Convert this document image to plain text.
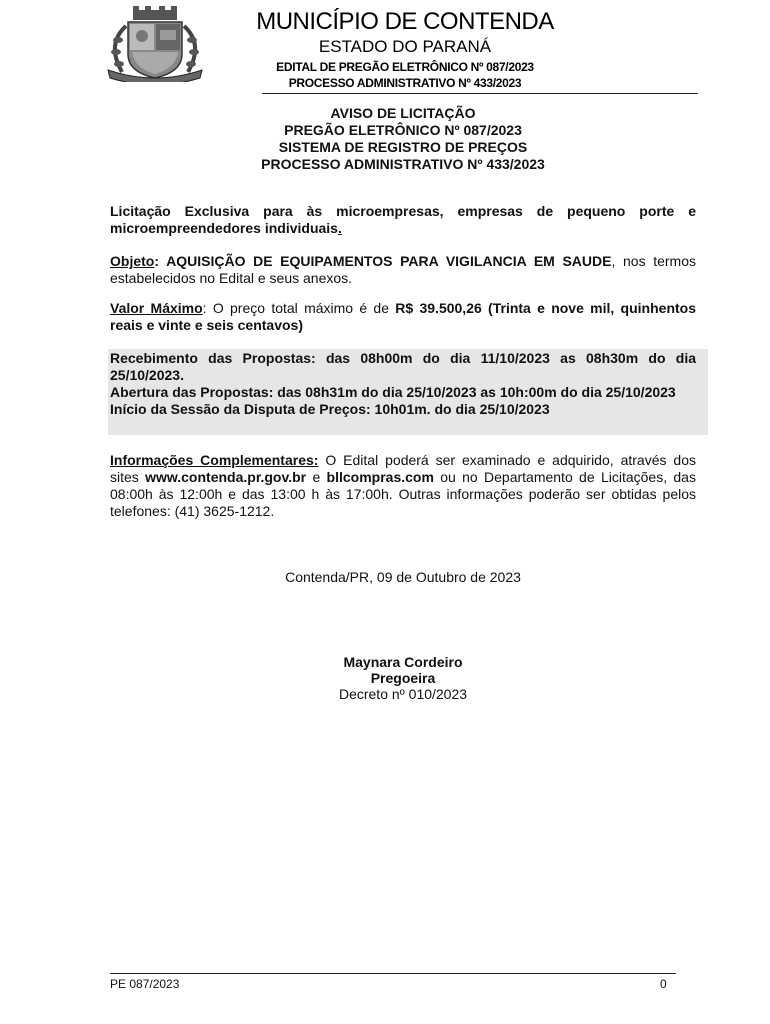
MUNICÍPIO DE CONTENDA
ESTADO DO PARANÁ
EDITAL DE PREGÃO ELETRÔNICO Nº 087/2023
PROCESSO ADMINISTRATIVO Nº 433/2023
AVISO DE LICITAÇÃO
PREGÃO ELETRÔNICO Nº 087/2023
SISTEMA DE REGISTRO DE PREÇOS
PROCESSO ADMINISTRATIVO Nº 433/2023
Licitação Exclusiva para às microempresas, empresas de pequeno porte e microempreendedores individuais.
Objeto: AQUISIÇÃO DE EQUIPAMENTOS PARA VIGILANCIA EM SAUDE, nos termos estabelecidos no Edital e seus anexos.
Valor Máximo: O preço total máximo é de R$ 39.500,26 (Trinta e nove mil, quinhentos reais e vinte e seis centavos)
Recebimento das Propostas: das 08h00m do dia 11/10/2023 as 08h30m do dia 25/10/2023.
Abertura das Propostas: das 08h31m do dia 25/10/2023 as 10h:00m do dia 25/10/2023
Início da Sessão da Disputa de Preços: 10h01m. do dia 25/10/2023
Informações Complementares: O Edital poderá ser examinado e adquirido, através dos sites www.contenda.pr.gov.br e bllcompras.com ou no Departamento de Licitações, das 08:00h às 12:00h e das 13:00 h às 17:00h. Outras informações poderão ser obtidas pelos telefones: (41) 3625-1212.
Contenda/PR, 09 de Outubro de 2023
Maynara Cordeiro
Pregoeira
Decreto nº 010/2023
PE 087/2023	0
